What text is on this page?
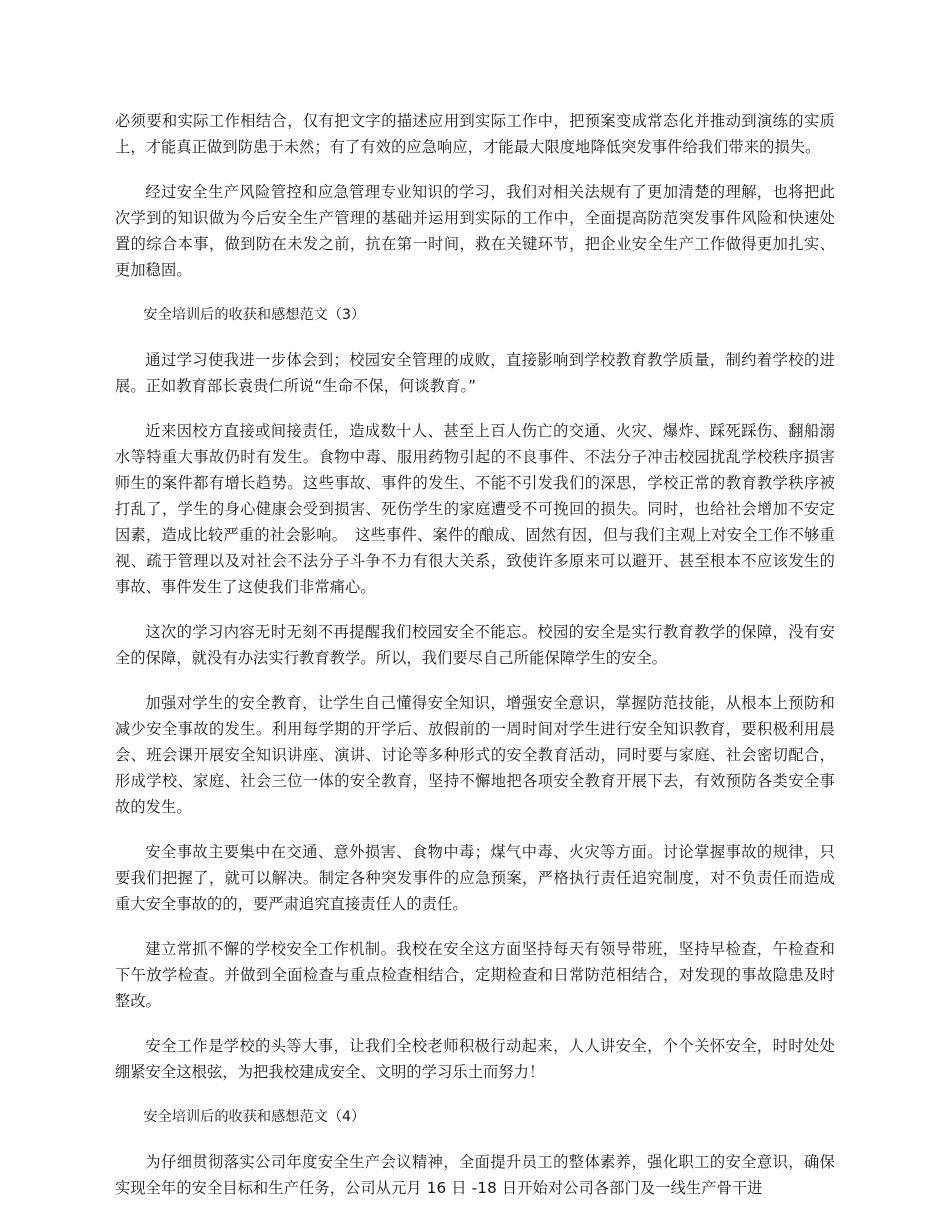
必须要和实际工作相结合，仅有把文字的描述应用到实际工作中，把预案变成常态化并推动到演练的实质上，才能真正做到防患于未然；有了有效的应急响应，才能最大限度地降低突发事件给我们带来的损失。

经过安全生产风险管控和应急管理专业知识的学习，我们对相关法规有了更加清楚的理解，也将把此次学到的知识做为今后安全生产管理的基础并运用到实际的工作中，全面提高防范突发事件风险和快速处置的综合本事，做到防在未发之前，抗在第一时间，救在关键环节，把企业安全生产工作做得更加扎实、更加稳固。

安全培训后的收获和感想范文（3）

通过学习使我进一步体会到；校园安全管理的成败，直接影响到学校教育教学质量，制约着学校的进展。正如教育部长袁贵仁所说“生命不保，何谈教育。”

近来因校方直接或间接责任，造成数十人、甚至上百人伤亡的交通、火灾、爆炸、踩死踩伤、翻船溺水等特重大事故仍时有发生。食物中毒、服用药物引起的不良事件、不法分子冲击校园扰乱学校秩序损害师生的案件都有增长趋势。这些事故、事件的发生、不能不引发我们的深思，学校正常的教育教学秩序被打乱了，学生的身心健康会受到损害、死伤学生的家庭遭受不可挽回的损失。同时，也给社会增加不安定因素，造成比较严重的社会影响。　这些事件、案件的酿成、固然有因，但与我们主观上对安全工作不够重视、疏于管理以及对社会不法分子斗争不力有很大关系，致使许多原来可以避开、甚至根本不应该发生的事故、事件发生了这使我们非常痛心。

这次的学习内容无时无刻不再提醒我们校园安全不能忘。校园的安全是实行教育教学的保障，没有安全的保障，就没有办法实行教育教学。所以，我们要尽自己所能保障学生的安全。

加强对学生的安全教育，让学生自己懂得安全知识，增强安全意识，掌握防范技能，从根本上预防和减少安全事故的发生。利用每学期的开学后、放假前的一周时间对学生进行安全知识教育，要积极利用晨会、班会课开展安全知识讲座、演讲、讨论等多种形式的安全教育活动，同时要与家庭、社会密切配合，形成学校、家庭、社会三位一体的安全教育，坚持不懈地把各项安全教育开展下去，有效预防各类安全事故的发生。

安全事故主要集中在交通、意外损害、食物中毒；煤气中毒、火灾等方面。讨论掌握事故的规律，只要我们把握了，就可以解决。制定各种突发事件的应急预案，严格执行责任追究制度，对不负责任而造成重大安全事故的的，要严肃追究直接责任人的责任。

建立常抓不懈的学校安全工作机制。我校在安全这方面坚持每天有领导带班，坚持早检查，午检查和下午放学检查。并做到全面检查与重点检查相结合，定期检查和日常防范相结合，对发现的事故隐患及时整改。

安全工作是学校的头等大事，让我们全校老师积极行动起来，人人讲安全，个个关怀安全，时时处处绷紧安全这根弦，为把我校建成安全、文明的学习乐土而努力！

安全培训后的收获和感想范文（4）

为仔细贯彻落实公司年度安全生产会议精神，全面提升员工的整体素养，强化职工的安全意识，确保实现全年的安全目标和生产任务，公司从元月 16 日 -18 日开始对公司各部门及一线生产骨干进
